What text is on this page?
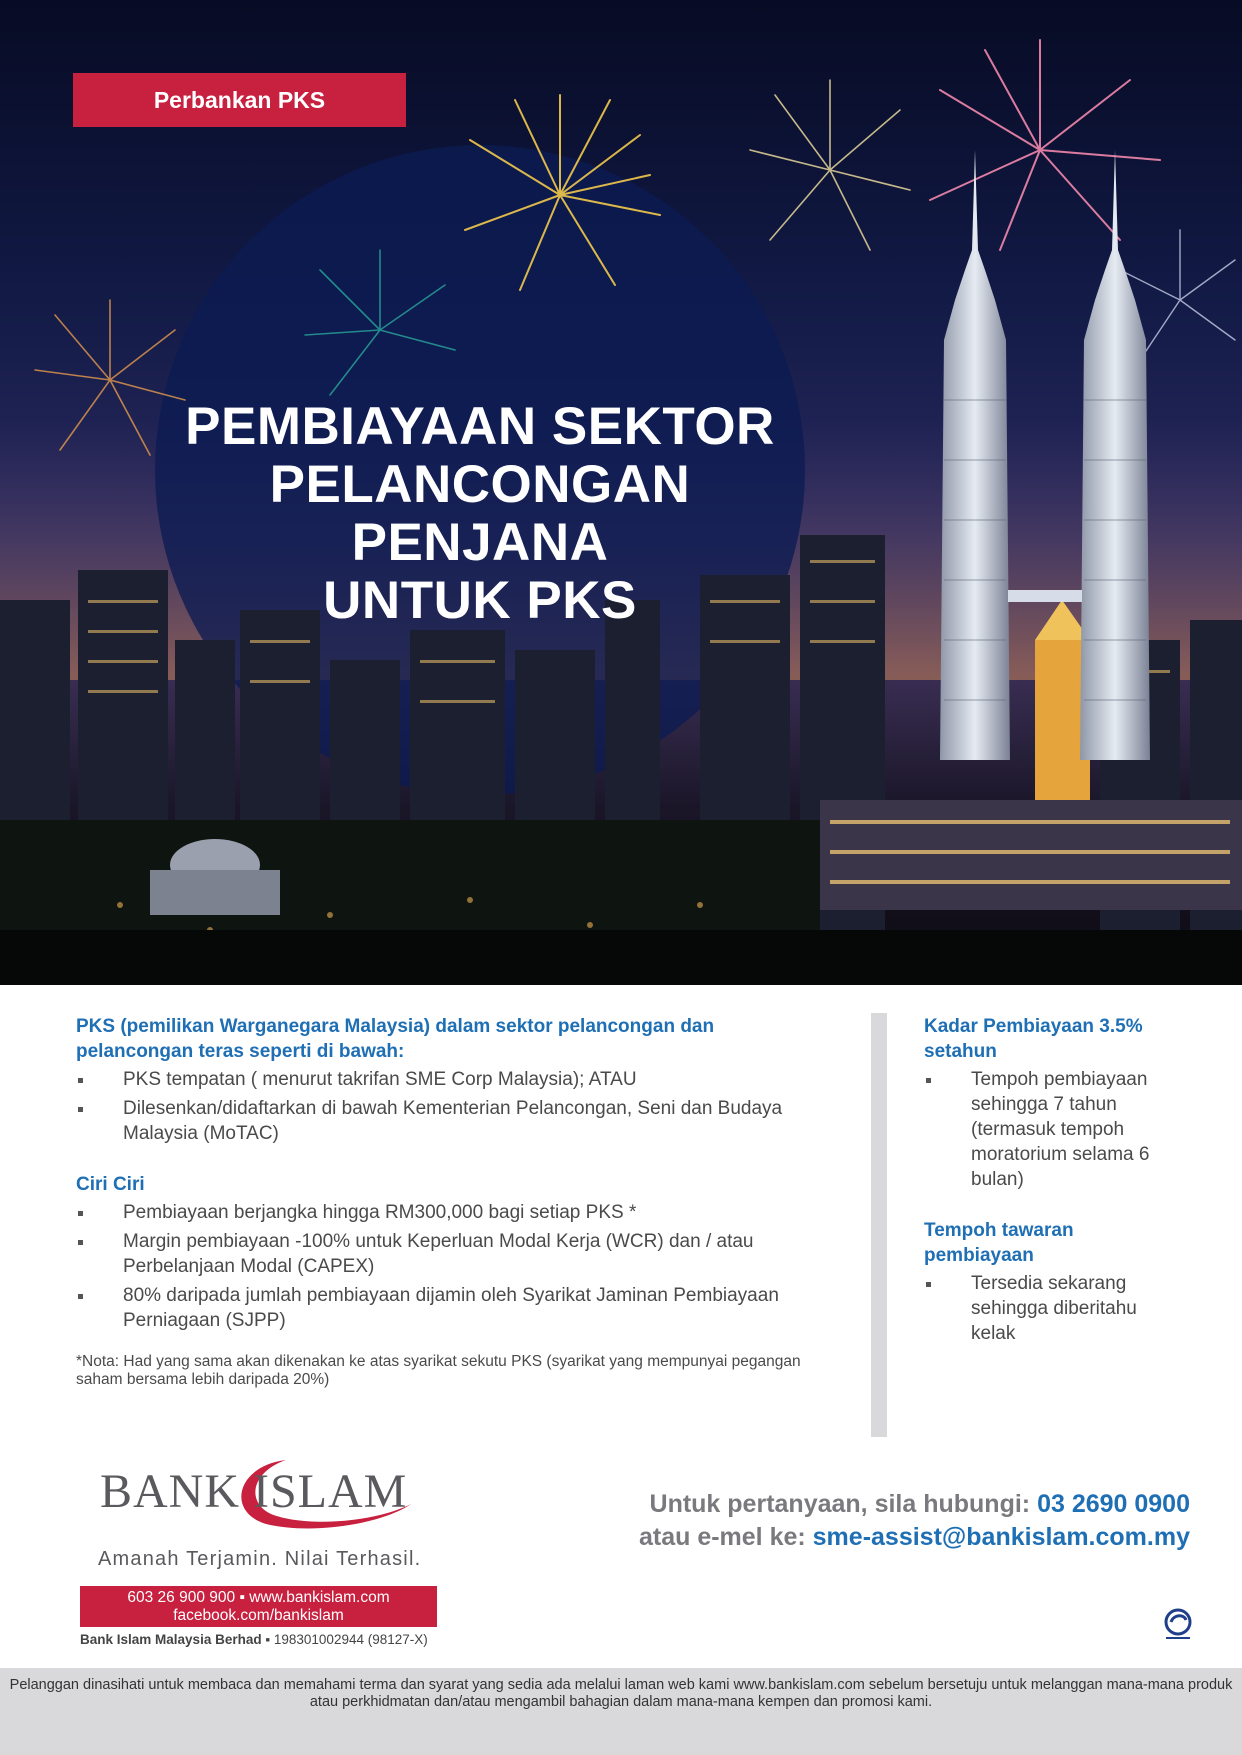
Perbankan PKS
PEMBIAYAAN SEKTOR
PELANCONGAN
PENJANA
UNTUK PKS
PKS (pemilikan Warganegara Malaysia) dalam sektor pelancongan dan pelancongan teras seperti di bawah:
PKS tempatan ( menurut takrifan SME Corp Malaysia); ATAU
Dilesenkan/didaftarkan di bawah Kementerian Pelancongan, Seni dan Budaya Malaysia (MoTAC)
Ciri Ciri
Pembiayaan berjangka hingga RM300,000 bagi setiap PKS *
Margin pembiayaan -100% untuk Keperluan Modal Kerja (WCR) dan / atau Perbelanjaan Modal (CAPEX)
80% daripada jumlah pembiayaan dijamin oleh Syarikat Jaminan Pembiayaan Perniagaan (SJPP)
*Nota: Had yang sama akan dikenakan ke atas syarikat sekutu PKS (syarikat yang mempunyai pegangan saham bersama lebih daripada 20%)
Kadar Pembiayaan 3.5% setahun
Tempoh pembiayaan sehingga 7 tahun (termasuk tempoh moratorium selama 6 bulan)
Tempoh tawaran pembiayaan
Tersedia sekarang sehingga diberitahu kelak
BANK ISLAM
Amanah Terjamin. Nilai Terhasil.
603 26 900 900 ▪ www.bankislam.com
facebook.com/bankislam
Bank Islam Malaysia Berhad ▪ 198301002944 (98127-X)
Untuk pertanyaan, sila hubungi: 03 2690 0900
atau e-mel ke: sme-assist@bankislam.com.my
Pelanggan dinasihati untuk membaca dan memahami terma dan syarat yang sedia ada melalui laman web kami www.bankislam.com sebelum bersetuju untuk melanggan mana-mana produk atau perkhidmatan dan/atau mengambil bahagian dalam mana-mana kempen dan promosi kami.
